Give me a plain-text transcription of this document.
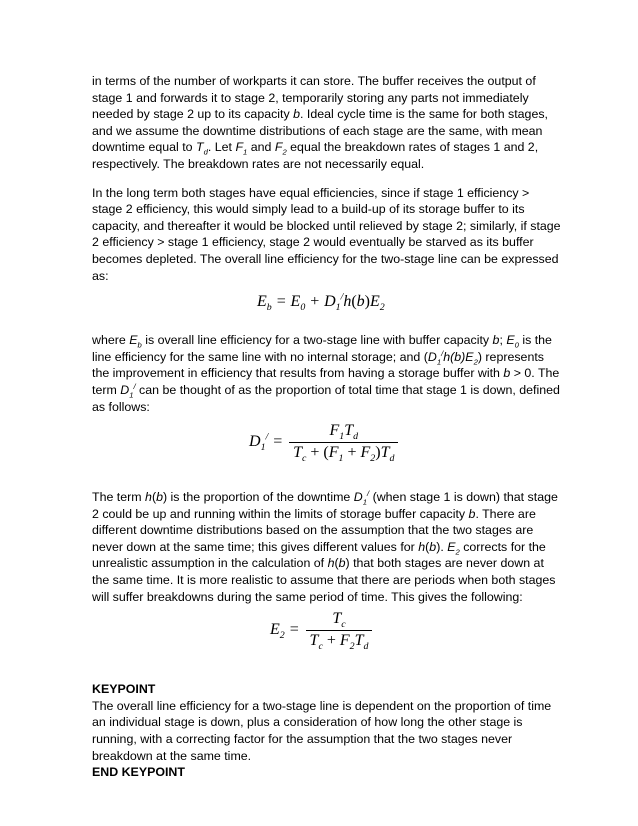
in terms of the number of workparts it can store. The buffer receives the output of stage 1 and forwards it to stage 2, temporarily storing any parts not immediately needed by stage 2 up to its capacity b. Ideal cycle time is the same for both stages, and we assume the downtime distributions of each stage are the same, with mean downtime equal to $T_d$. Let $F_1$ and $F_2$ equal the breakdown rates of stages 1 and 2, respectively. The breakdown rates are not necessarily equal.

In the long term both stages have equal efficiencies, since if stage 1 efficiency > stage 2 efficiency, this would simply lead to a build-up of its storage buffer to its capacity, and thereafter it would be blocked until relieved by stage 2; similarly, if stage 2 efficiency > stage 1 efficiency, stage 2 would eventually be starved as its buffer becomes depleted. The overall line efficiency for the two-stage line can be expressed as:

$E_b = E_0 + D_1^/h(b)E_2$

where $E_b$ is overall line efficiency for a two-stage line with buffer capacity b; $E_0$ is the line efficiency for the same line with no internal storage; and $(D_1^/h(b)E_2)$ represents the improvement in efficiency that results from having a storage buffer with b > 0. The term $D_1^/$ can be thought of as the proportion of total time that stage 1 is down, defined as follows:

$D_1^/ = \frac{F_1T_d}{T_c + (F_1 + F_2)T_d}$

The term h(b) is the proportion of the downtime $D_1^/$ (when stage 1 is down) that stage 2 could be up and running within the limits of storage buffer capacity b. There are different downtime distributions based on the assumption that the two stages are never down at the same time; this gives different values for h(b). $E_2$ corrects for the unrealistic assumption in the calculation of h(b) that both stages are never down at the same time. It is more realistic to assume that there are periods when both stages will suffer breakdowns during the same period of time. This gives the following:

$E_2 = \frac{T_c}{T_c + F_2T_d}$

KEYPOINT

The overall line efficiency for a two-stage line is dependent on the proportion of time an individual stage is down, plus a consideration of how long the other stage is running, with a correcting factor for the assumption that the two stages never breakdown at the same time.

END KEYPOINT
